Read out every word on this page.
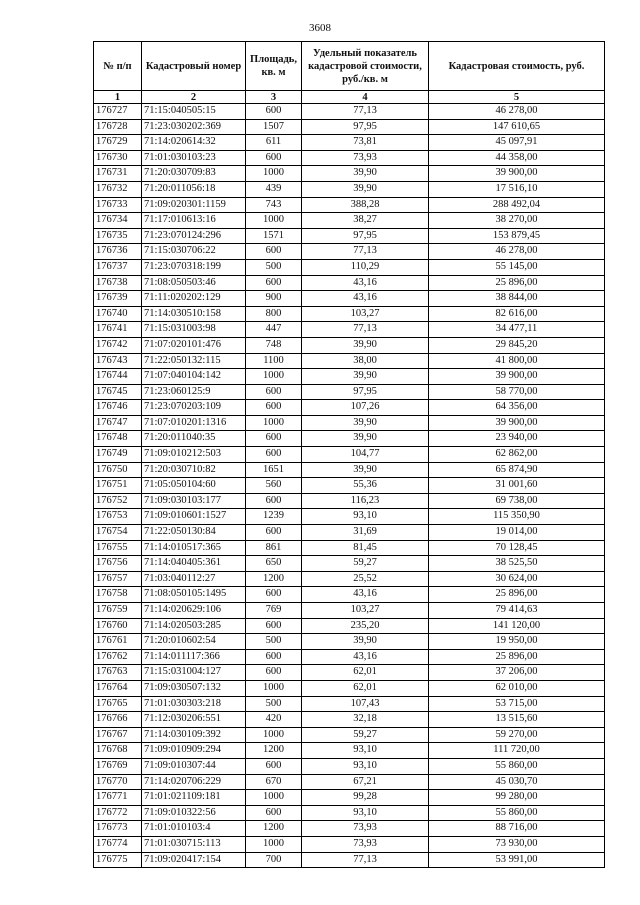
3608
№ п/п	Кадастровый номер	Площадь, кв. м	Удельный показатель кадастровой стоимости, руб./кв. м	Кадастровая стоимость, руб.
1	2	3	4	5
176727	71:15:040505:15	600	77,13	46 278,00
176728	71:23:030202:369	1507	97,95	147 610,65
176729	71:14:020614:32	611	73,81	45 097,91
176730	71:01:030103:23	600	73,93	44 358,00
176731	71:20:030709:83	1000	39,90	39 900,00
176732	71:20:011056:18	439	39,90	17 516,10
176733	71:09:020301:1159	743	388,28	288 492,04
176734	71:17:010613:16	1000	38,27	38 270,00
176735	71:23:070124:296	1571	97,95	153 879,45
176736	71:15:030706:22	600	77,13	46 278,00
176737	71:23:070318:199	500	110,29	55 145,00
176738	71:08:050503:46	600	43,16	25 896,00
176739	71:11:020202:129	900	43,16	38 844,00
176740	71:14:030510:158	800	103,27	82 616,00
176741	71:15:031003:98	447	77,13	34 477,11
176742	71:07:020101:476	748	39,90	29 845,20
176743	71:22:050132:115	1100	38,00	41 800,00
176744	71:07:040104:142	1000	39,90	39 900,00
176745	71:23:060125:9	600	97,95	58 770,00
176746	71:23:070203:109	600	107,26	64 356,00
176747	71:07:010201:1316	1000	39,90	39 900,00
176748	71:20:011040:35	600	39,90	23 940,00
176749	71:09:010212:503	600	104,77	62 862,00
176750	71:20:030710:82	1651	39,90	65 874,90
176751	71:05:050104:60	560	55,36	31 001,60
176752	71:09:030103:177	600	116,23	69 738,00
176753	71:09:010601:1527	1239	93,10	115 350,90
176754	71:22:050130:84	600	31,69	19 014,00
176755	71:14:010517:365	861	81,45	70 128,45
176756	71:14:040405:361	650	59,27	38 525,50
176757	71:03:040112:27	1200	25,52	30 624,00
176758	71:08:050105:1495	600	43,16	25 896,00
176759	71:14:020629:106	769	103,27	79 414,63
176760	71:14:020503:285	600	235,20	141 120,00
176761	71:20:010602:54	500	39,90	19 950,00
176762	71:14:011117:366	600	43,16	25 896,00
176763	71:15:031004:127	600	62,01	37 206,00
176764	71:09:030507:132	1000	62,01	62 010,00
176765	71:01:030303:218	500	107,43	53 715,00
176766	71:12:030206:551	420	32,18	13 515,60
176767	71:14:030109:392	1000	59,27	59 270,00
176768	71:09:010909:294	1200	93,10	111 720,00
176769	71:09:010307:44	600	93,10	55 860,00
176770	71:14:020706:229	670	67,21	45 030,70
176771	71:01:021109:181	1000	99,28	99 280,00
176772	71:09:010322:56	600	93,10	55 860,00
176773	71:01:010103:4	1200	73,93	88 716,00
176774	71:01:030715:113	1000	73,93	73 930,00
176775	71:09:020417:154	700	77,13	53 991,00
